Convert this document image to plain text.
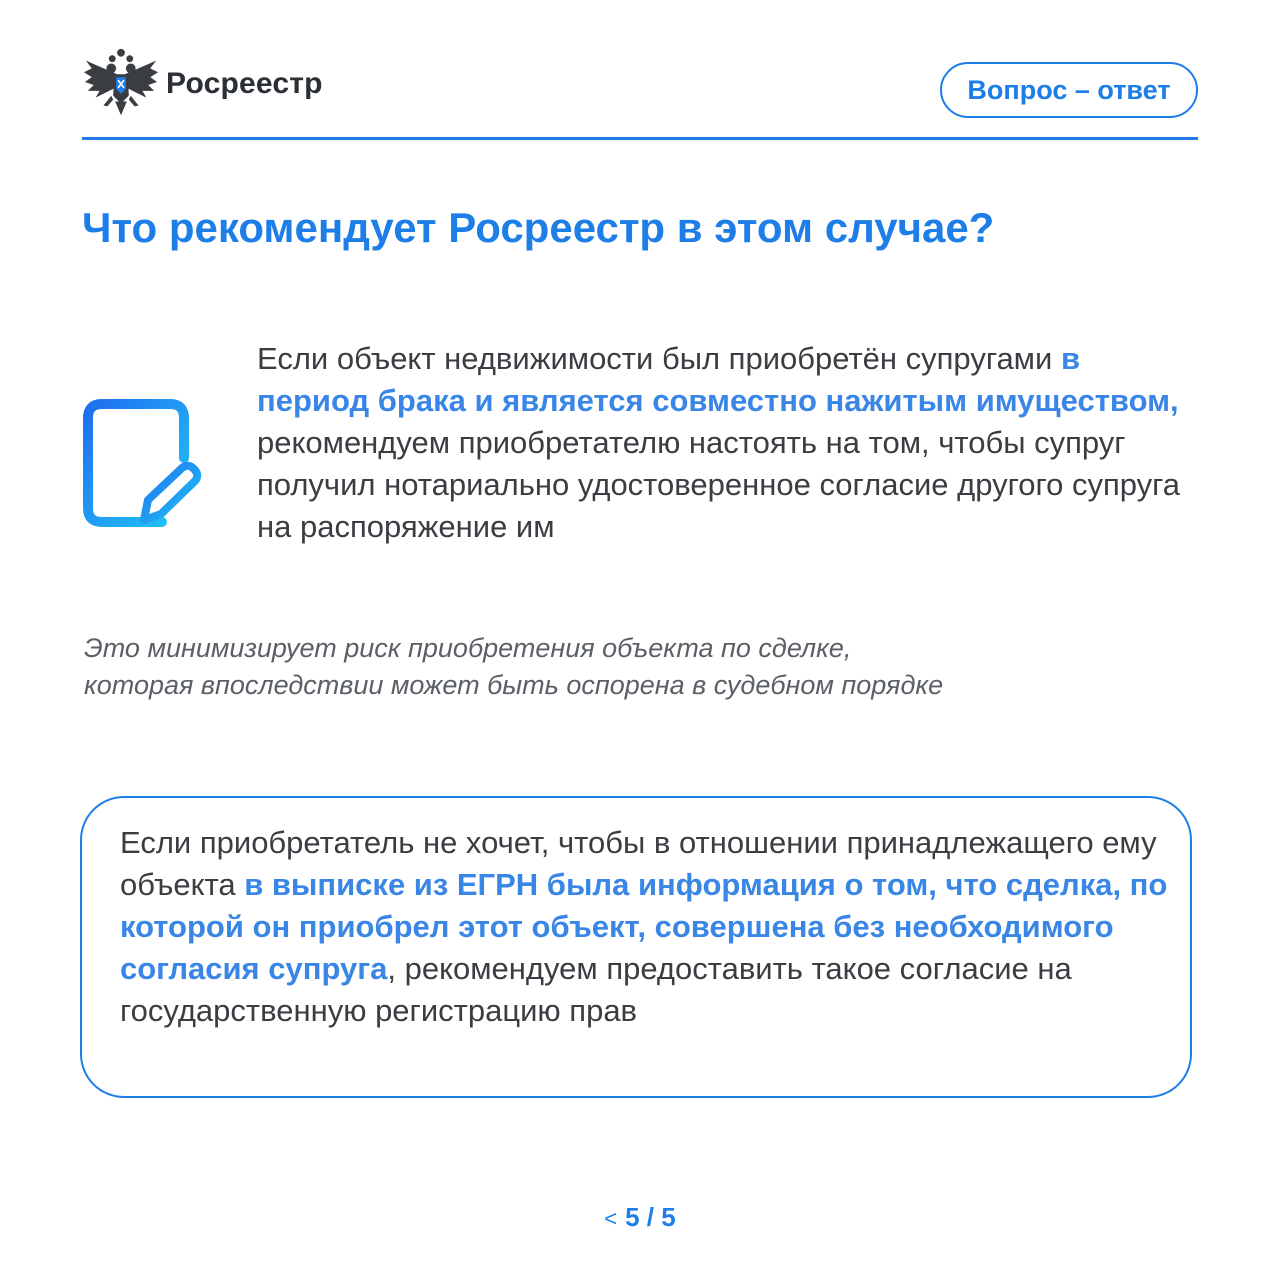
Росреестр	Вопрос – ответ
Что рекомендует Росреестр в этом случае?
Если объект недвижимости был приобретён супругами в период брака и является совместно нажитым имуществом, рекомендуем приобретателю настоять на том, чтобы супруг получил нотариально удостоверенное согласие другого супруга на распоряжение им
Это минимизирует риск приобретения объекта по сделке,
которая впоследствии может быть оспорена в судебном порядке
Если приобретатель не хочет, чтобы в отношении принадлежащего ему объекта в выписке из ЕГРН была информация о том, что сделка, по которой он приобрел этот объект, совершена без необходимого согласия супруга, рекомендуем предоставить такое согласие на государственную регистрацию прав
< 5 / 5
